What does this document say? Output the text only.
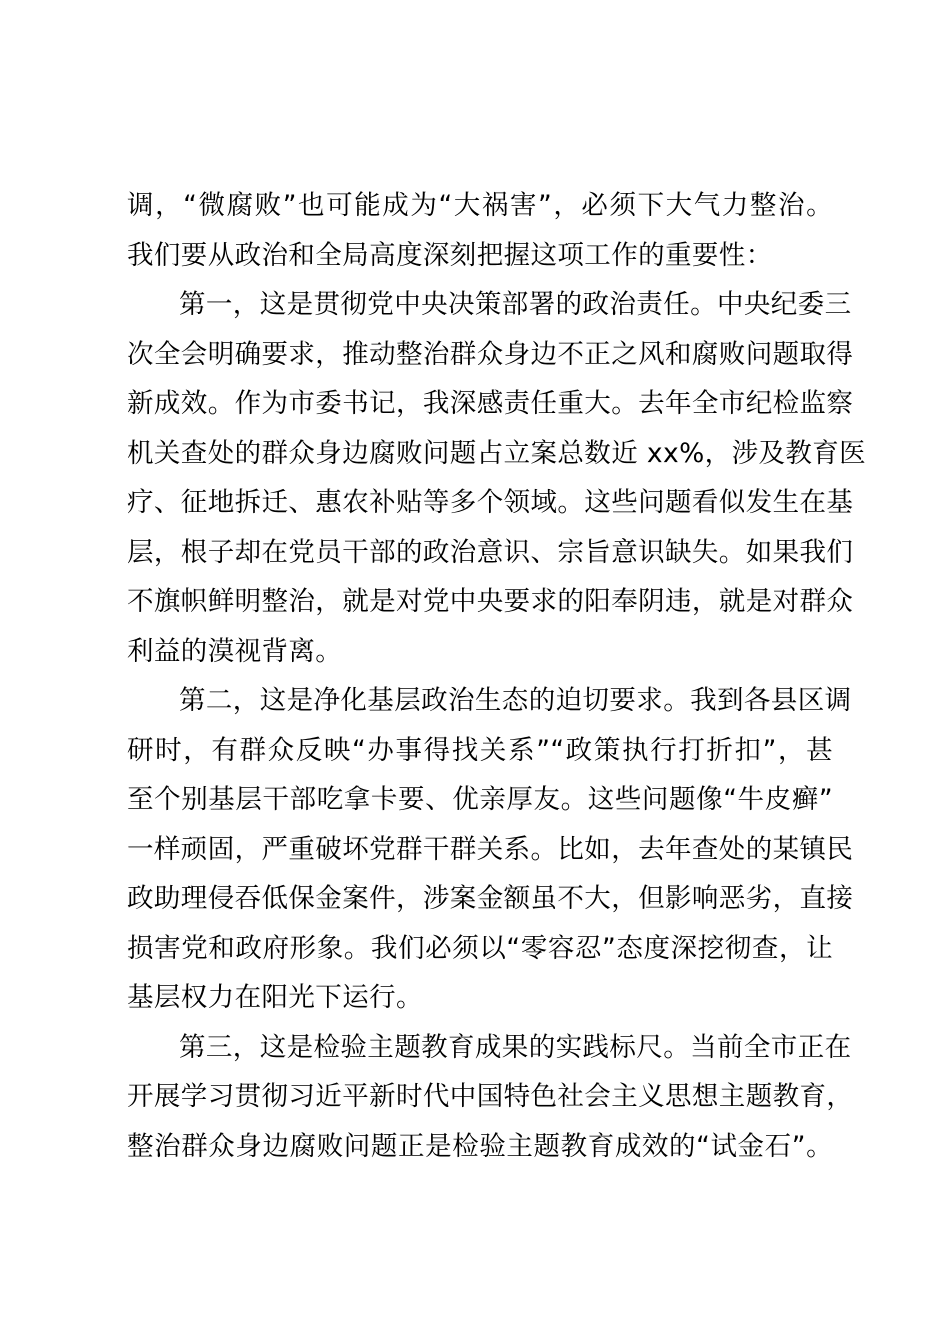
调，“微腐败”也可能成为“大祸害”，必须下大气力整治。
我们要从政治和全局高度深刻把握这项工作的重要性：
第一，这是贯彻党中央决策部署的政治责任。中央纪委三
次全会明确要求，推动整治群众身边不正之风和腐败问题取得
新成效。作为市委书记，我深感责任重大。去年全市纪检监察
机关查处的群众身边腐败问题占立案总数近 xx%，涉及教育医
疗、征地拆迁、惠农补贴等多个领域。这些问题看似发生在基
层，根子却在党员干部的政治意识、宗旨意识缺失。如果我们
不旗帜鲜明整治，就是对党中央要求的阳奉阴违，就是对群众
利益的漠视背离。
第二，这是净化基层政治生态的迫切要求。我到各县区调
研时，有群众反映“办事得找关系”“政策执行打折扣”，甚
至个别基层干部吃拿卡要、优亲厚友。这些问题像“牛皮癣”
一样顽固，严重破坏党群干群关系。比如，去年查处的某镇民
政助理侵吞低保金案件，涉案金额虽不大，但影响恶劣，直接
损害党和政府形象。我们必须以“零容忍”态度深挖彻查，让
基层权力在阳光下运行。
第三，这是检验主题教育成果的实践标尺。当前全市正在
开展学习贯彻习近平新时代中国特色社会主义思想主题教育，
整治群众身边腐败问题正是检验主题教育成效的“试金石”。
